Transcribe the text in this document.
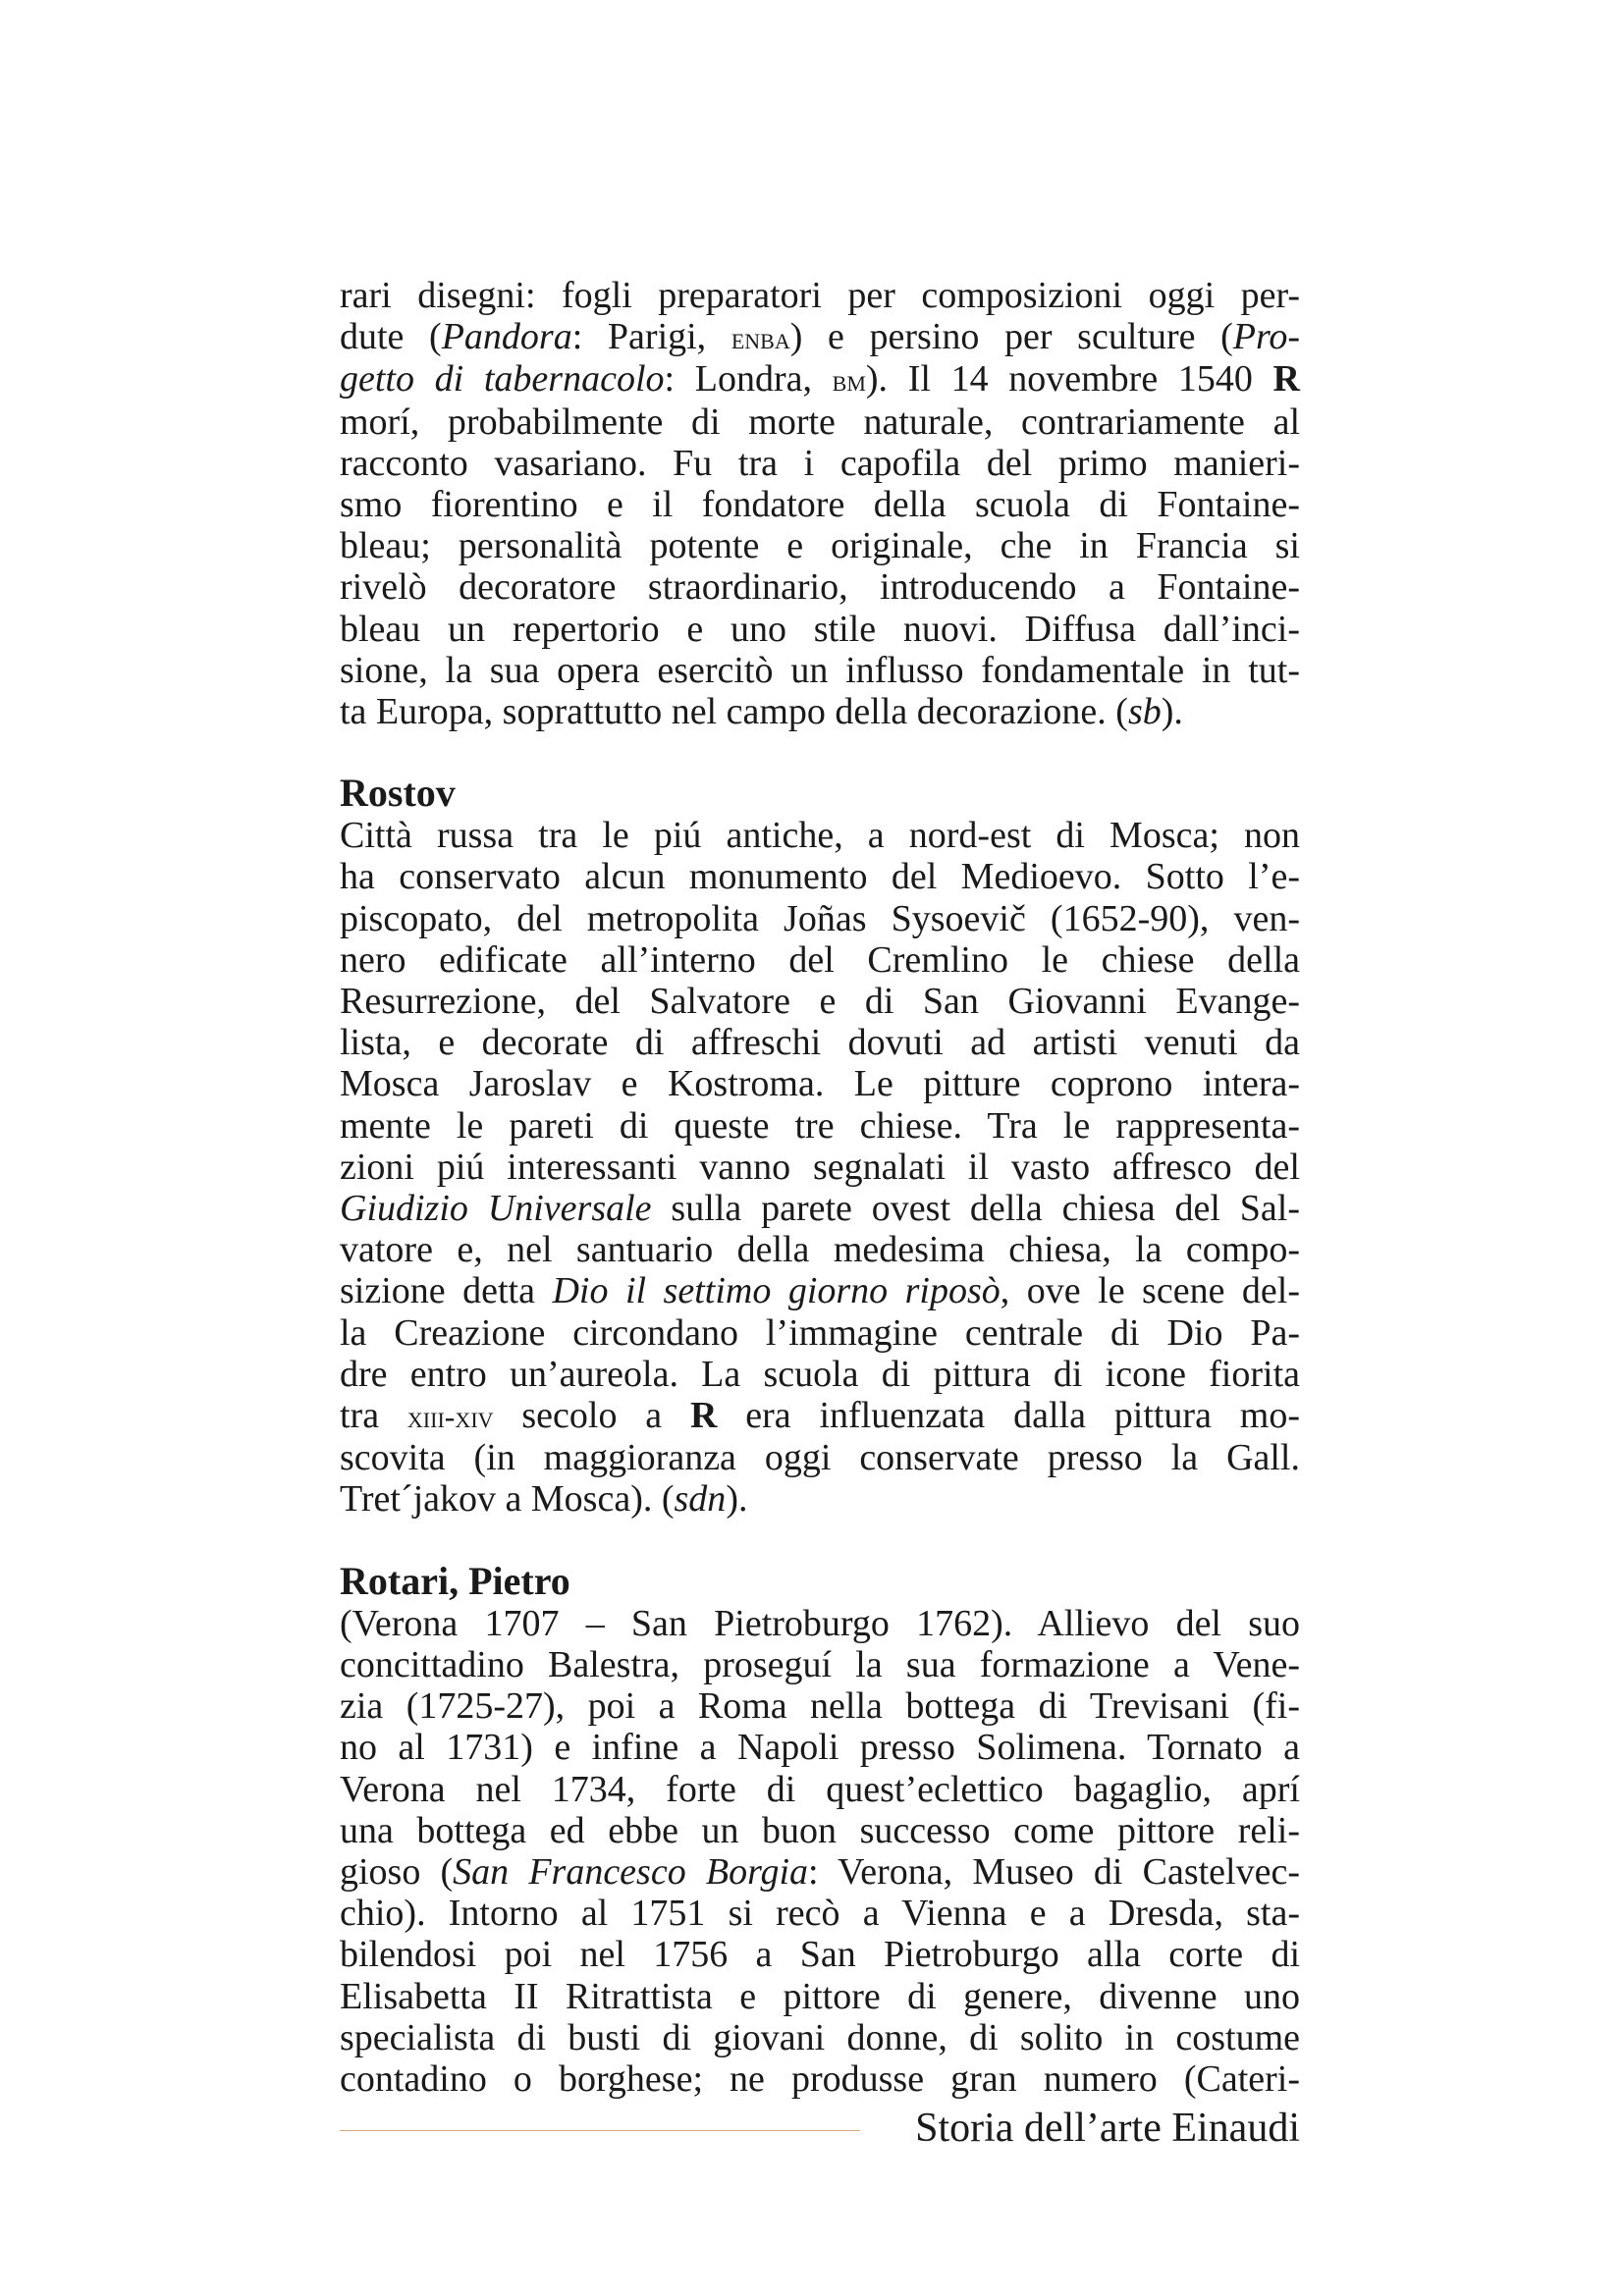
rari disegni: fogli preparatori per composizioni oggi per-
dute (Pandora: Parigi, enba) e persino per sculture (Pro-
getto di tabernacolo: Londra, bm). Il 14 novembre 1540 R
morí, probabilmente di morte naturale, contrariamente al
racconto vasariano. Fu tra i capofila del primo manieri-
smo fiorentino e il fondatore della scuola di Fontaine-
bleau; personalità potente e originale, che in Francia si
rivelò decoratore straordinario, introducendo a Fontaine-
bleau un repertorio e uno stile nuovi. Diffusa dall’inci-
sione, la sua opera esercitò un influsso fondamentale in tut-
ta Europa, soprattutto nel campo della decorazione. (sb).

Rostov

Città russa tra le piú antiche, a nord-est di Mosca; non
ha conservato alcun monumento del Medioevo. Sotto l’e-
piscopato, del metropolita Joñas Sysoevič (1652-90), ven-
nero edificate all’interno del Cremlino le chiese della
Resurrezione, del Salvatore e di San Giovanni Evange-
lista, e decorate di affreschi dovuti ad artisti venuti da
Mosca Jaroslav e Kostroma. Le pitture coprono intera-
mente le pareti di queste tre chiese. Tra le rappresenta-
zioni piú interessanti vanno segnalati il vasto affresco del
Giudizio Universale sulla parete ovest della chiesa del Sal-
vatore e, nel santuario della medesima chiesa, la compo-
sizione detta Dio il settimo giorno riposò, ove le scene del-
la Creazione circondano l’immagine centrale di Dio Pa-
dre entro un’aureola. La scuola di pittura di icone fiorita
tra xiii-xiv secolo a R era influenzata dalla pittura mo-
scovita (in maggioranza oggi conservate presso la Gall.
Tret´jakov a Mosca). (sdn).

Rotari, Pietro

(Verona 1707 – San Pietroburgo 1762). Allievo del suo
concittadino Balestra, proseguí la sua formazione a Vene-
zia (1725-27), poi a Roma nella bottega di Trevisani (fi-
no al 1731) e infine a Napoli presso Solimena. Tornato a
Verona nel 1734, forte di quest’eclettico bagaglio, aprí
una bottega ed ebbe un buon successo come pittore reli-
gioso (San Francesco Borgia: Verona, Museo di Castelvec-
chio). Intorno al 1751 si recò a Vienna e a Dresda, sta-
bilendosi poi nel 1756 a San Pietroburgo alla corte di
Elisabetta II Ritrattista e pittore di genere, divenne uno
specialista di busti di giovani donne, di solito in costume
contadino o borghese; ne produsse gran numero (Cateri-

Storia dell’arte Einaudi
